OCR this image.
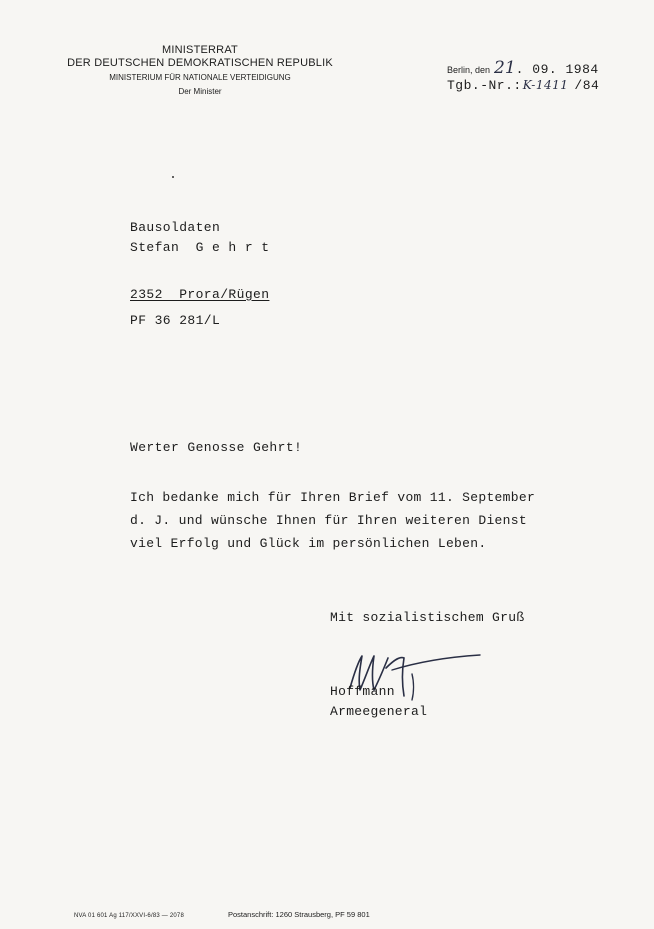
MINISTERRAT
DER DEUTSCHEN DEMOKRATISCHEN REPUBLIK
MINISTERIUM FÜR NATIONALE VERTEIDIGUNG
Der Minister
Berlin, den 21 . 09. 1984
Tgb.-Nr.: K-1411 /84
Bausoldaten
Stefan  G e h r t
2352  Prora/Rügen
PF 36 281/L
Werter Genosse Gehrt!
Ich bedanke mich für Ihren Brief vom 11. September
d. J. und wünsche Ihnen für Ihren weiteren Dienst
viel Erfolg und Glück im persönlichen Leben.
Mit sozialistischem Gruß
Hoffmann
Armeegeneral
NVA 01 601 Ag 117/XXVI-6/83 — 2078	Postanschrift: 1260 Strausberg, PF 59 801
